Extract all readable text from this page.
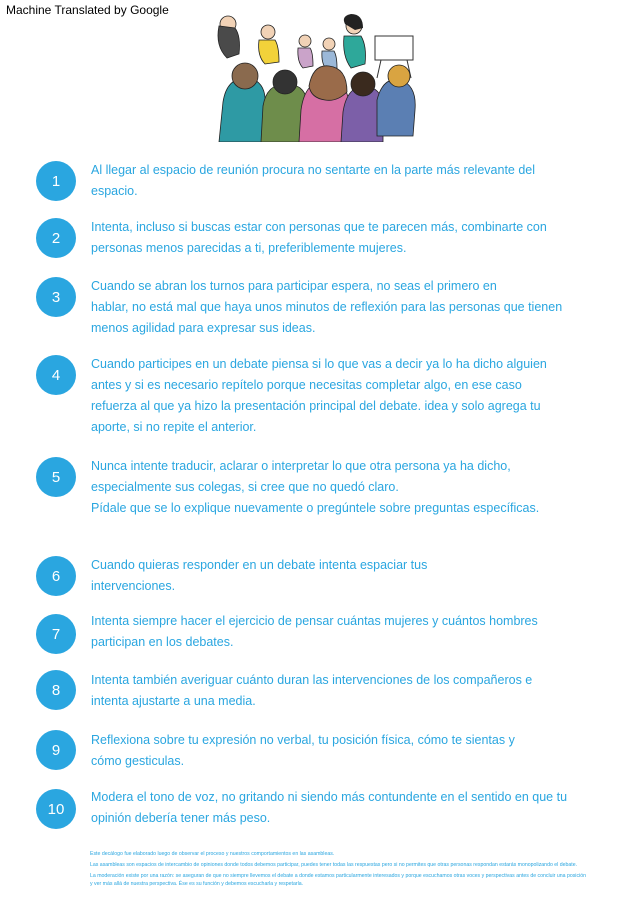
Machine Translated by Google
1
Al llegar al espacio de reunión procura no sentarte en la parte más relevante del
espacio.
2
Intenta, incluso si buscas estar con personas que te parecen más, combinarte con
personas menos parecidas a ti, preferiblemente mujeres.
3
Cuando se abran los turnos para participar espera, no seas el primero en
hablar, no está mal que haya unos minutos de reflexión para las personas que tienen
menos agilidad para expresar sus ideas.
4
Cuando participes en un debate piensa si lo que vas a decir ya lo ha dicho alguien
antes y si es necesario repítelo porque necesitas completar algo, en ese caso
refuerza al que ya hizo la presentación principal del debate. idea y solo agrega tu
aporte, si no repite el anterior.
5
Nunca intente traducir, aclarar o interpretar lo que otra persona ya ha dicho,
especialmente sus colegas, si cree que no quedó claro.
Pídale que se lo explique nuevamente o pregúntele sobre preguntas específicas.
6
Cuando quieras responder en un debate intenta espaciar tus
intervenciones.
7
Intenta siempre hacer el ejercicio de pensar cuántas mujeres y cuántos hombres
participan en los debates.
8
Intenta también averiguar cuánto duran las intervenciones de los compañeros e
intenta ajustarte a una media.
9
Reflexiona sobre tu expresión no verbal, tu posición física, cómo te sientas y
cómo gesticulas.
10
Modera el tono de voz, no gritando ni siendo más contundente en el sentido en que tu
opinión debería tener más peso.

Este decálogo fue elaborado luego de observar el proceso y nuestros comportamientos en las asambleas.

Las asambleas son espacios de intercambio de opiniones donde todos debemos participar, puedes tener todas las respuestas pero si no permites que otras personas respondan estarás monopolizando el debate.

La moderación existe por una razón: se aseguran de que no siempre llevemos el debate a donde estamos particularmente interesados y porque escuchamos otras voces y perspectivas antes de concluir una posición y ver más allá de nuestra perspectiva. Ése es su función y debemos escucharla y respetarla.
